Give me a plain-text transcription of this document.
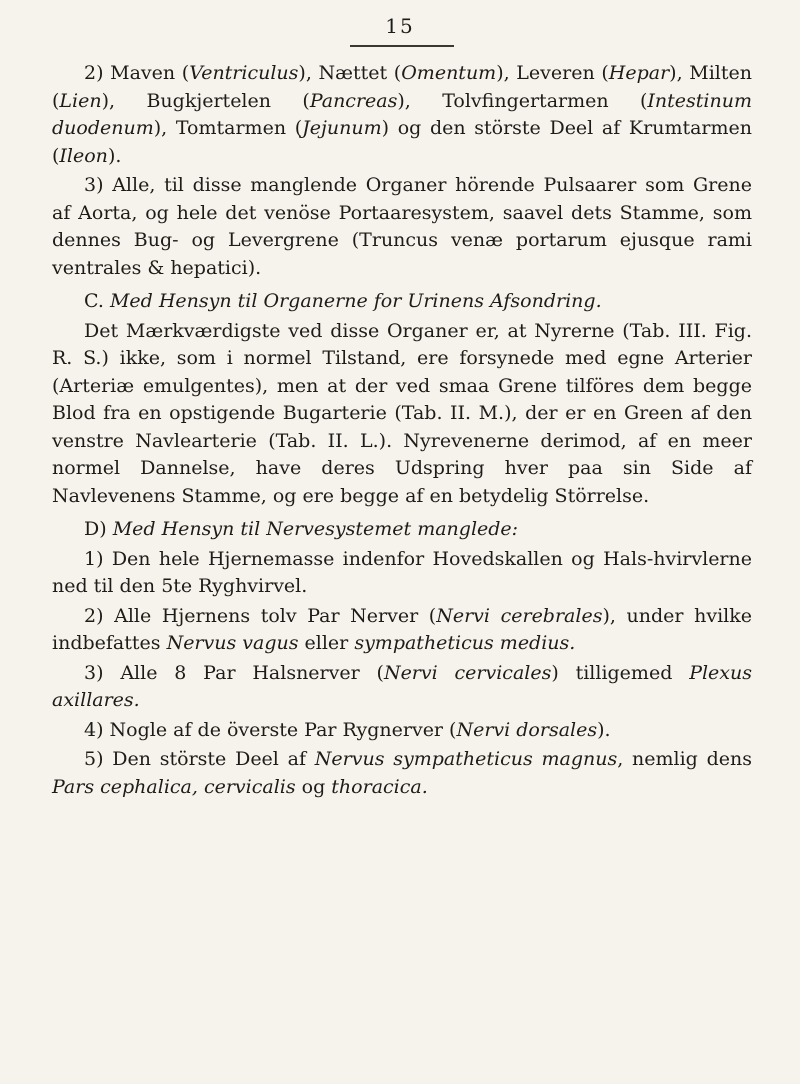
15

2) Maven (Ventriculus), Nættet (Omentum), Leveren (Hepar), Milten (Lien), Bugkjertelen (Pancreas), Tolvfingertarmen (Intestinum duodenum), Tomtarmen (Jejunum) og den störste Deel af Krumtarmen (Ileon).

3) Alle, til disse manglende Organer hörende Pulsaarer som Grene af Aorta, og hele det venöse Portaaresystem, saavel dets Stamme, som dennes Bug- og Levergrene (Truncus venæ portarum ejusque rami ventrales & hepatici).

C. Med Hensyn til Organerne for Urinens Afsondring.

Det Mærkværdigste ved disse Organer er, at Nyrerne (Tab. III. Fig. R. S.) ikke, som i normel Tilstand, ere forsynede med egne Arterier (Arteriæ emulgentes), men at der ved smaa Grene tilföres dem begge Blod fra en opstigende Bugarterie (Tab. II. M.), der er en Green af den venstre Navlearterie (Tab. II. L.). Nyrevenerne derimod, af en meer normel Dannelse, have deres Udspring hver paa sin Side af Navlevenens Stamme, og ere begge af en betydelig Störrelse.

D) Med Hensyn til Nervesystemet manglede:

1) Den hele Hjernemasse indenfor Hovedskallen og Hals-hvirvlerne ned til den 5te Ryghvirvel.

2) Alle Hjernens tolv Par Nerver (Nervi cerebrales), under hvilke indbefattes Nervus vagus eller sympatheticus medius.

3) Alle 8 Par Halsnerver (Nervi cervicales) tilligemed Plexus axillares.

4) Nogle af de överste Par Rygnerver (Nervi dorsales).

5) Den störste Deel af Nervus sympatheticus magnus, nemlig dens Pars cephalica, cervicalis og thoracica.
